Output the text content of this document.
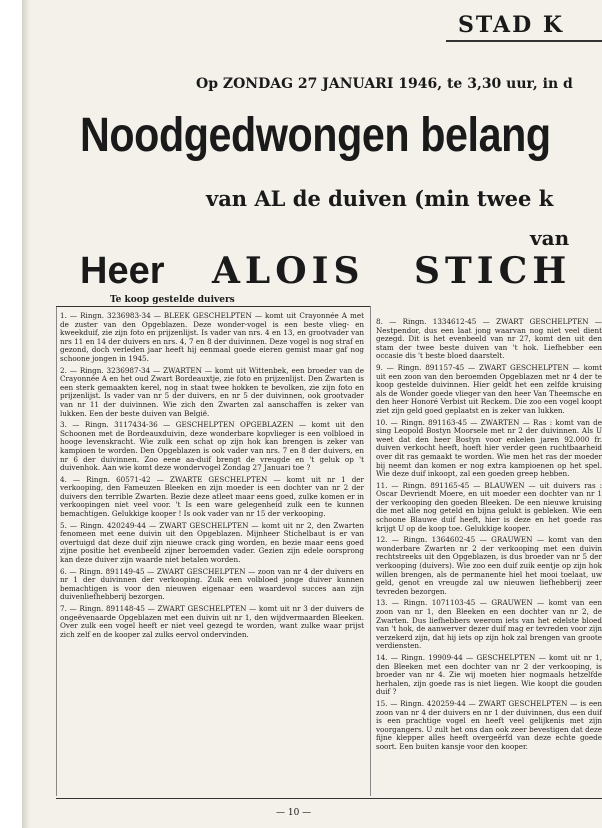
STAD K
Op ZONDAG 27 JANUARI 1946, te 3,30 uur, in d
Noodgedwongen belang
van AL de duiven (min twee k
van
Heer ALOIS STICH
Te koop gestelde duivers

1. — Ringn. 3236983-34 — BLEEK GESCHELPTEN — komt uit Crayonnée A met de zuster van den Opgeblazen. Deze wonder-vogel is een beste vlieg- en kweekduif, zie zijn foto en prijzenlijst. Is vader van nrs. 4 en 13, en grootvader van nrs 11 en 14 der duivers en nrs. 4, 7 en 8 der duivinnen. Deze vogel is nog straf en gezond, doch verleden jaar heeft hij eenmaal goede eieren gemist maar gaf nog schoone jongen in 1945.

2. — Ringn. 3236987-34 — ZWARTEN — komt uit Wittenbek, een broeder van de Crayonnée A en het oud Zwart Bordeauxtje, zie foto en prijzenlijst. Den Zwarten is een sterk gemaakten kerel, nog in staat twee hokken te bevolken, zie zijn foto en prijzenlijst. Is vader van nr 5 der duivers, en nr 5 der duivinnen, ook grootvader van nr 11 der duivinnen. Wie zich den Zwarten zal aanschaffen is zeker van lukken. Een der beste duiven van België.

3. — Ringn. 3117434-36 — GESCHELPTEN OPGEBLAZEN — komt uit den Schoonen met de Bordeauxduivin, deze wonderbare kopvlieger is een volbloed in hooge levenskracht. Wie zulk een schat op zijn hok kan brengen is zeker van kampioen te worden. Den Opgeblazen is ook vader van nrs. 7 en 8 der duivers, en nr 6 der duivinnen. Zoo eene aa-duif brengt de vreugde en 't geluk op 't duivenhok. Aan wie komt deze wondervogel Zondag 27 Januari toe ?

4. — Ringn. 60571-42 — ZWARTE GESCHELPTEN — komt uit nr 1 der verkooping, den Fameuzen Bleeken en zijn moeder is een dochter van nr 2 der duivers den terrible Zwarten. Bezie deze atleet maar eens goed, zulke komen er in verkoopingen niet veel voor. 't Is een ware gelegenheid zulk een te kunnen bemachtigen. Gelukkige kooper ! Is ook vader van nr 15 der verkooping.

5. — Ringn. 420249-44 — ZWART GESCHELPTEN — komt uit nr 2, den Zwarten fenomeen met eene duivin uit den Opgeblazen. Mijnheer Stichelbaut is er van overtuigd dat deze duif zijn nieuwe crack ging worden, en bezie maar eens goed zijne positie het evenbeeld zijner beroemden vader. Gezien zijn edele oorsprong kan deze duiver zijn waarde niet betalen worden.

6. — Ringn. 891149-45 — ZWART GESCHELPTEN — zoon van nr 4 der duivers en nr 1 der duivinnen der verkooping. Zulk een volbloed jonge duiver kunnen bemachtigen is voor den nieuwen eigenaar een waardevol succes aan zijn duivenliefhebberij bezorgen.

7. — Ringn. 891148-45 — ZWART GESCHELPTEN — komt uit nr 3 der duivers de ongeëvenaarde Opgeblazen met een duivin uit nr 1, den wijdvermaarden Bleeken. Over zulk een vogel heeft er niet veel gezegd te worden, want zulke waar prijst zich zelf en de kooper zal zulks eervol ondervinden.

8. — Ringn. 1334612-45 — ZWART GESCHELPTEN — Nestpendor, dus een laat jong waarvan nog niet veel dient gezegd. Dit is het evenbeeld van nr 27, komt den uit den stam der twee beste duiven van 't hok. Liefhebber een occasie dis 't beste bloed daarstelt.

9. — Ringn. 891157-45 — ZWART GESCHELPTEN — komt uit een zoon van den beroemden Opgeblazen met nr 4 der te koop gestelde duivinnen. Hier geldt het een zelfde kruising als de Wonder goede vlieger van den heer Van Theemsche en den heer Honoré Verbist uit Reckem. Die zoo een vogel koopt ziet zijn geld goed geplaatst en is zeker van lukken.

10. — Ringn. 891163-45 — ZWARTEN — Ras : komt van de sing Leopold Bostyn Moorsele met nr 2 der duivinnen. Als U weet dat den heer Bostyn voor enkelen jaren 92.000 fr. duiven verkocht heeft, hoeft hier verder geen ruchtbaarheid over dit ras gemaakt te worden. Wie men het ras der moeder bij neemt dan komen er nog extra kampioenen op het spel. Wie deze duif inkoopt, zal een goeden greep hebben.

11. — Ringn. 891165-45 — BLAUWEN — uit duivers ras : Oscar Devriendt Moere, en uit moeder een dochter van nr 1 der verkooping den goeden Bleeken. De een nieuwe kruising die met alle nog geteld en bijna gelukt is gebleken. Wie een schoone Blauwe duif heeft, hier is deze en het goede ras krijgt U op de koop toe. Gelukkige kooper.

12. — Ringn. 1364602-45 — GRAUWEN — komt van den wonderbare Zwarten nr 2 der verkooping met een duivin rechtstreeks uit den Opgeblazen, is dus broeder van nr 5 der verkooping (duivers). Wie zoo een duif zuik eentje op zijn hok willen brengen, als de permanente hiel het mooi toelaat, uw geld, genot en vreugde zal uw nieuwen liefhebberij zeer tevreden bezorgen.

13. — Ringn. 1071103-45 — GRAUWEN — komt van een zoon van nr 1, den Bleeken en een dochter van nr 2, de Zwarten. Dus liefhebbers weerom iets van het edelste bloed van 't hok, de aanwerver dezer duif mag er tevreden voor zijn verzekerd zijn, dat hij iets op zijn hok zal brengen van groote verdiensten.

14. — Ringn. 19909-44 — GESCHELPTEN — komt uit nr 1, den Bleeken met een dochter van nr 2 der verkooping, is broeder van nr 4. Zie wij moeten hier nogmaals hetzelfde herhalen, zijn goede ras is niet liegen. Wie koopt die gouden duif ?

15. — Ringn. 420259-44 — ZWART GESCHELPTEN — is een zoon van nr 4 der duivers en nr 1 der duivinnen, dus een duif is een prachtige vogel en heeft veel gelijkenis met zijn voorgangers. U zult het ons dan ook zeer bevestigen dat deze fijne klepper alles heeft overgeërfd van deze echte goede soort. Een buiten kansje voor den kooper.

— 10 —
